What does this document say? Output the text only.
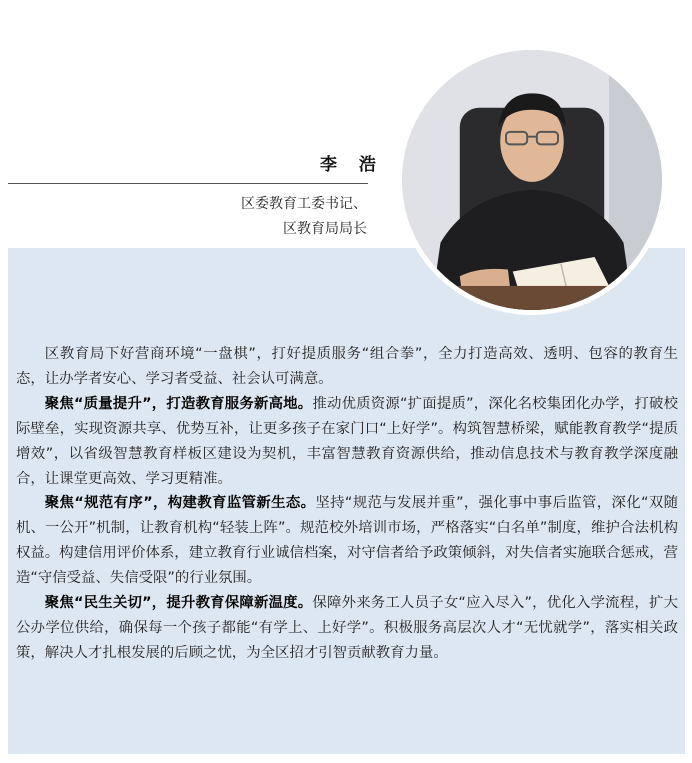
李 浩
区委教育工委书记、
区教育局局长

区教育局下好营商环境“一盘棋”，打好提质服务“组合拳”，全力打造高效、透明、包容的教育生态，让办学者安心、学习者受益、社会认可满意。

聚焦“质量提升”，打造教育服务新高地。推动优质资源“扩面提质”，深化名校集团化办学，打破校际壁垒，实现资源共享、优势互补，让更多孩子在家门口“上好学”。构筑智慧桥梁，赋能教育教学“提质增效”，以省级智慧教育样板区建设为契机，丰富智慧教育资源供给，推动信息技术与教育教学深度融合，让课堂更高效、学习更精准。

聚焦“规范有序”，构建教育监管新生态。坚持“规范与发展并重”，强化事中事后监管，深化“双随机、一公开”机制，让教育机构“轻装上阵”。规范校外培训市场，严格落实“白名单”制度，维护合法机构权益。构建信用评价体系，建立教育行业诚信档案，对守信者给予政策倾斜，对失信者实施联合惩戒，营造“守信受益、失信受限”的行业氛围。

聚焦“民生关切”，提升教育保障新温度。保障外来务工人员子女“应入尽入”，优化入学流程，扩大公办学位供给，确保每一个孩子都能“有学上、上好学”。积极服务高层次人才“无忧就学”，落实相关政策，解决人才扎根发展的后顾之忧，为全区招才引智贡献教育力量。
